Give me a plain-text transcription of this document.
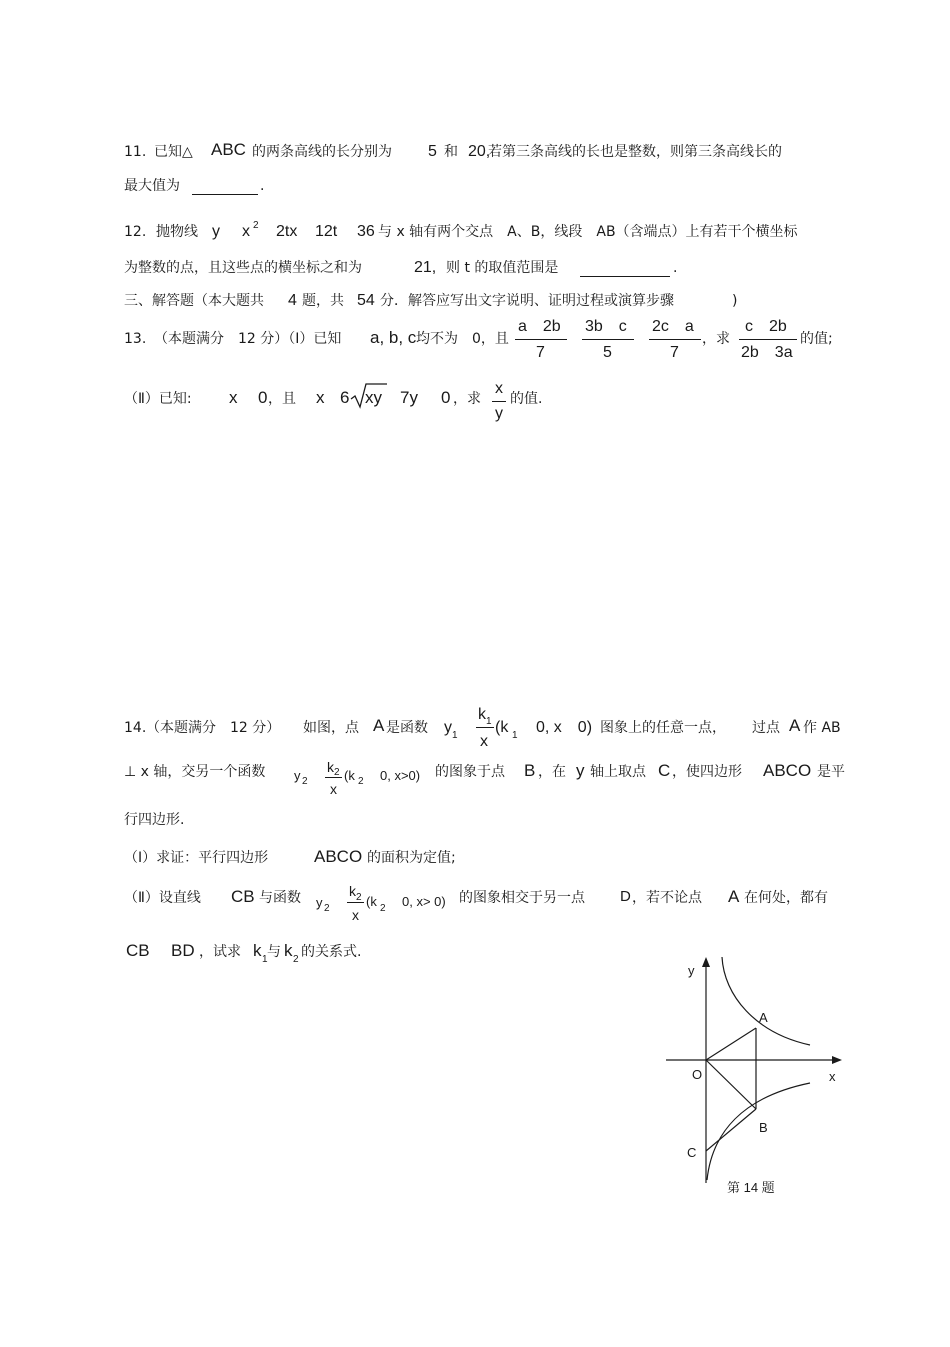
11. 已知△ ABC 的两条高线的长分别为 5 和 20,
若第三条高线的长也是整数，则第三条高线长的
最大值为	.
12. 抛物线 y x 2 2tx 12t 36 与 x 轴有两个交点　A、B，线段　AB（含端点）上有若干个横坐标
为整数的点，且这些点的横坐标之和为	21, 则 t 的取值范围是	.
三、解答题（本大题共 4 题，共 54 分．解答应写出文字说明、证明过程或演算步骤	)
13. （本题满分　12 分）（Ⅰ）已知 a, b, c 均不为　0，且
a　2b
7
3b　c
5
2c　a
7
，求
c　2b
2b　3a
的值;
（Ⅱ）已知: x 0 ，且 x 6 xy 7y 0 ，求
x
y
的值.
14. （本题满分　12 分） 如图，点 A 是函数 y 1
k 1
x
(k 1 0, x　0) 图象上的任意一点， 过点 A 作 AB
⊥ x 轴，交另一个函数 y 2
k 2
x
(k 2 0, x>0) 的图象于点 B ，在 y 轴上取点 C ，使四边形 ABCO 是平
行四边形.
（Ⅰ）求证：平行四边形	ABCO 的面积为定值;
（Ⅱ）设直线 CB 与函数 y 2
k 2
x
(k 2 0, x> 0) 的图象相交于另一点 D ，若不论点 A 在何处，都有
CB BD ，试求 k 1 与 k 2 的关系式.
y
x
A
O
B
C
第 14 题
